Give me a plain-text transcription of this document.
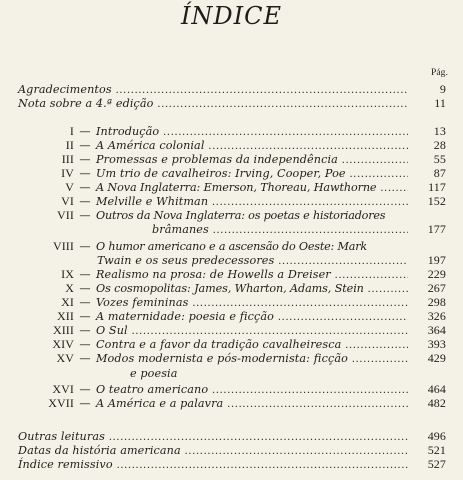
ÍNDICE
Pág.
Agradecimentos .....	9
Nota sobre a 4.ª edição .....	11
I — Introdução .....	13
II — A América colonial .....	28
III — Promessas e problemas da independência .....	55
IV — Um trio de cavalheiros: Irving, Cooper, Poe .....	87
V — A Nova Inglaterra: Emerson, Thoreau, Hawthorne .....	117
VI — Melville e Whitman .....	152
VII — Outros da Nova Inglaterra: os poetas e historiadores
brâmanes .....	177
VIII — O humor americano e a ascensão do Oeste: Mark
Twain e os seus predecessores .....	197
IX — Realismo na prosa: de Howells a Dreiser .....	229
X — Os cosmopolitas: James, Wharton, Adams, Stein .....	267
XI — Vozes femininas .....	298
XII — A maternidade: poesia e ficção .....	326
XIII — O Sul .....	364
XIV — Contra e a favor da tradição cavalheiresca .....	393
XV — Modos modernista e pós-modernista: ficção .....	429
e poesia
XVI — O teatro americano .....	464
XVII — A América e a palavra .....	482
Outras leituras .....	496
Datas da história americana .....	521
Índice remissivo .....	527
